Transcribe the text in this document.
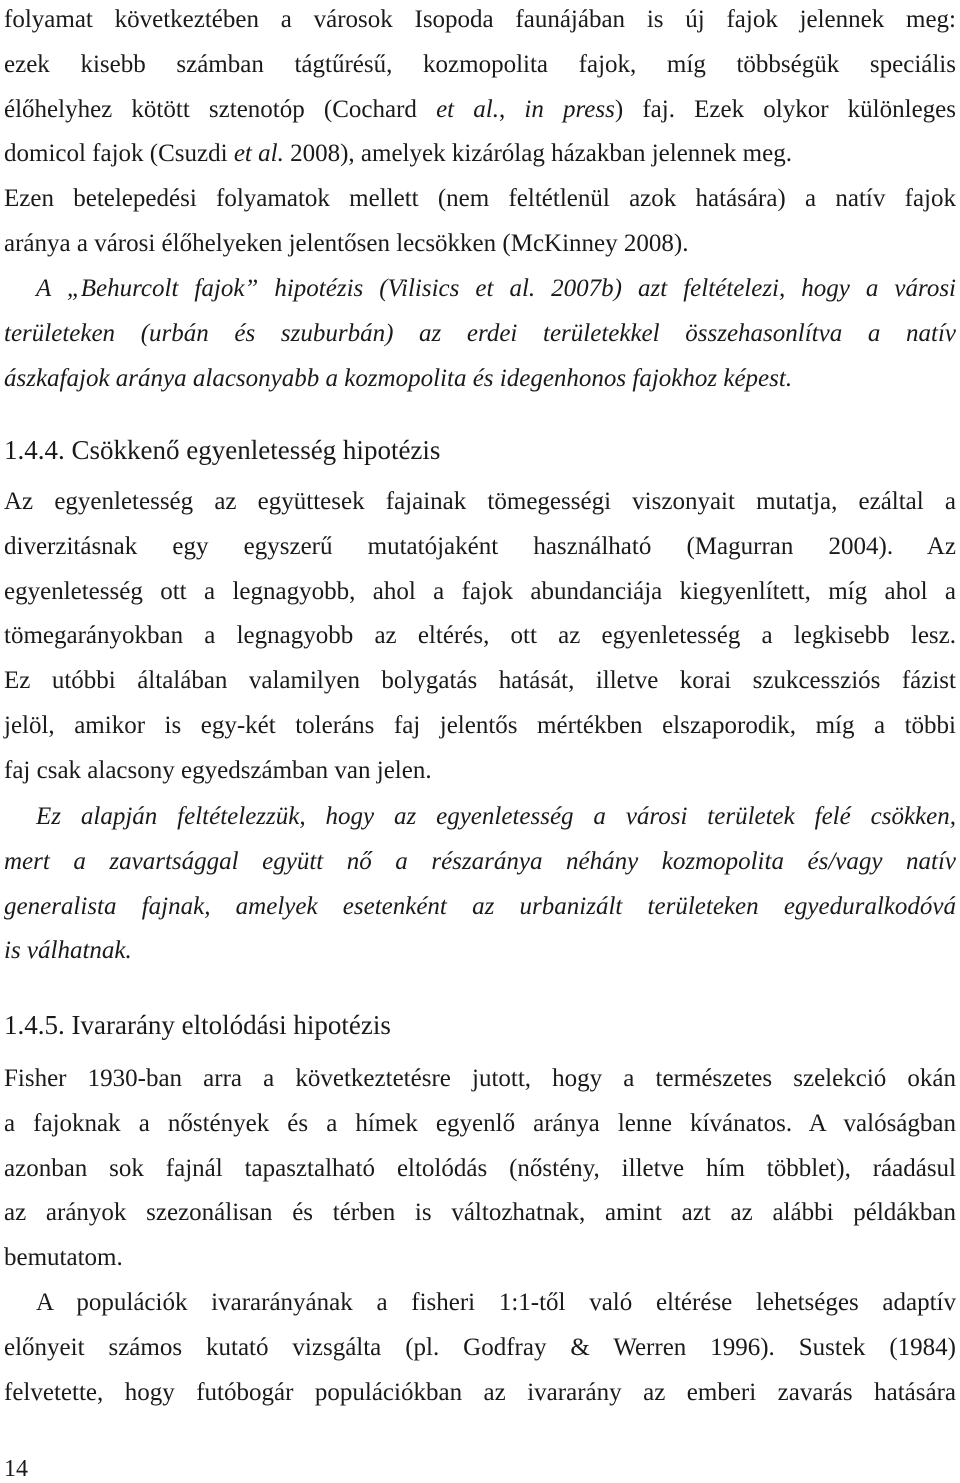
folyamat következtében a városok Isopoda faunájában is új fajok jelennek meg:
ezek kisebb számban tágtűrésű, kozmopolita fajok, míg többségük speciális
élőhelyhez kötött sztenotóp (Cochard et al., in press) faj. Ezek olykor különleges
domicol fajok (Csuzdi et al. 2008), amelyek kizárólag házakban jelennek meg.
Ezen betelepedési folyamatok mellett (nem feltétlenül azok hatására) a natív fajok
aránya a városi élőhelyeken jelentősen lecsökken (McKinney 2008).
A „Behurcolt fajok” hipotézis (Vilisics et al. 2007b) azt feltételezi, hogy a városi
területeken (urbán és szuburbán) az erdei területekkel összehasonlítva a natív
ászkafajok aránya alacsonyabb a kozmopolita és idegenhonos fajokhoz képest.
1.4.4. Csökkenő egyenletesség hipotézis
Az egyenletesség az együttesek fajainak tömegességi viszonyait mutatja, ezáltal a
diverzitásnak egy egyszerű mutatójaként használható (Magurran 2004). Az
egyenletesség ott a legnagyobb, ahol a fajok abundanciája kiegyenlített, míg ahol a
tömegarányokban a legnagyobb az eltérés, ott az egyenletesség a legkisebb lesz.
Ez utóbbi általában valamilyen bolygatás hatását, illetve korai szukcessziós fázist
jelöl, amikor is egy-két toleráns faj jelentős mértékben elszaporodik, míg a többi
faj csak alacsony egyedszámban van jelen.
Ez alapján feltételezzük, hogy az egyenletesség a városi területek felé csökken,
mert a zavartsággal együtt nő a részaránya néhány kozmopolita és/vagy natív
generalista fajnak, amelyek esetenként az urbanizált területeken egyeduralkodóvá
is válhatnak.
1.4.5. Ivararány eltolódási hipotézis
Fisher 1930-ban arra a következtetésre jutott, hogy a természetes szelekció okán
a fajoknak a nőstények és a hímek egyenlő aránya lenne kívánatos. A valóságban
azonban sok fajnál tapasztalható eltolódás (nőstény, illetve hím többlet), ráadásul
az arányok szezonálisan és térben is változhatnak, amint azt az alábbi példákban
bemutatom.
A populációk ivararányának a fisheri 1:1-től való eltérése lehetséges adaptív
előnyeit számos kutató vizsgálta (pl. Godfray & Werren 1996). Sustek (1984)
felvetette, hogy futóbogár populációkban az ivararány az emberi zavarás hatására
14
